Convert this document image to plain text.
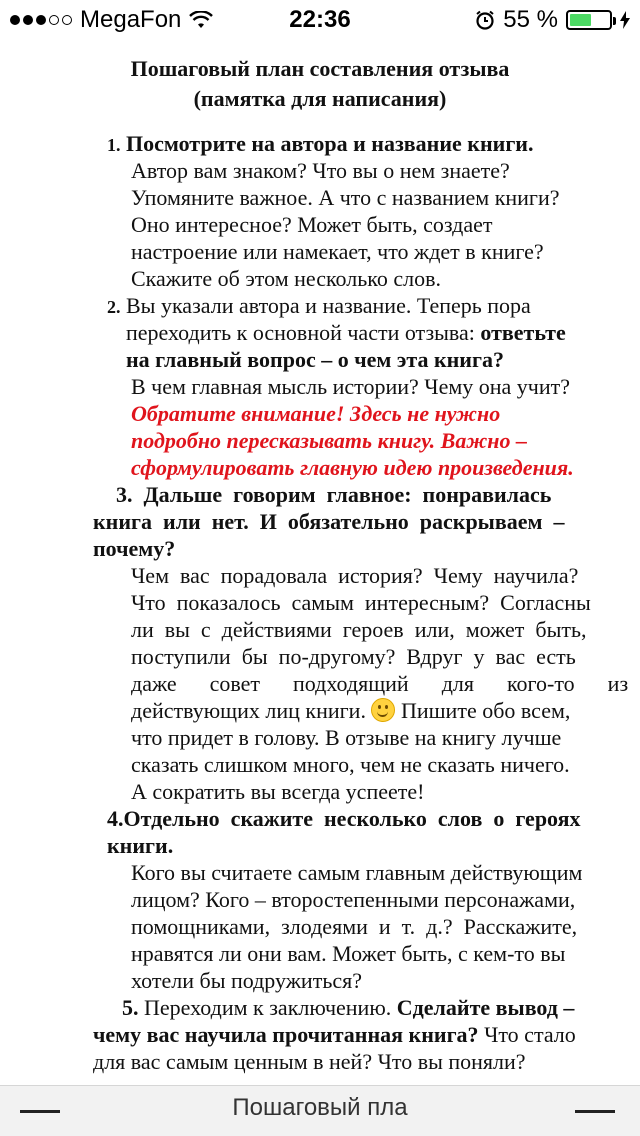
MegaFon	22:36	55 %
Пошаговый план составления отзыва
(памятка для написания)
1. Посмотрите на автора и название книги.
Автор вам знаком? Что вы о нем знаете?
Упомяните важное. А что с названием книги?
Оно интересное? Может быть, создает
настроение или намекает, что ждет в книге?
Скажите об этом несколько слов.
2. Вы указали автора и название. Теперь пора
переходить к основной части отзыва: ответьте
на главный вопрос – о чем эта книга?
В чем главная мысль истории? Чему она учит?
Обратите внимание! Здесь не нужно
подробно пересказывать книгу. Важно –
сформулировать главную идею произведения.
3.  Дальше  говорим  главное:  понравилась
книга  или  нет.  И  обязательно  раскрываем  –
почему?
Чем  вас  порадовала  история?  Чему  научила?
Что  показалось  самым  интересным?  Согласны
ли  вы  с  действиями  героев  или,  может  быть,
поступили  бы  по-другому?  Вдруг  у  вас  есть
даже      совет      подходящий      для      кого-то      из
действующих лиц книги.  Пишите обо всем,
что придет в голову. В отзыве на книгу лучше
сказать слишком много, чем не сказать ничего.
А сократить вы всегда успеете!
4.Отдельно  скажите  несколько  слов  о  героях
книги.
Кого вы считаете самым главным действующим
лицом? Кого – второстепенными персонажами,
помощниками,  злодеями  и  т.  д.?  Расскажите,
нравятся ли они вам. Может быть, с кем-то вы
хотели бы подружиться?
5. Переходим к заключению. Сделайте вывод –
чему вас научила прочитанная книга? Что стало
для вас самым ценным в ней? Что вы поняли?
Пошаговый пла
